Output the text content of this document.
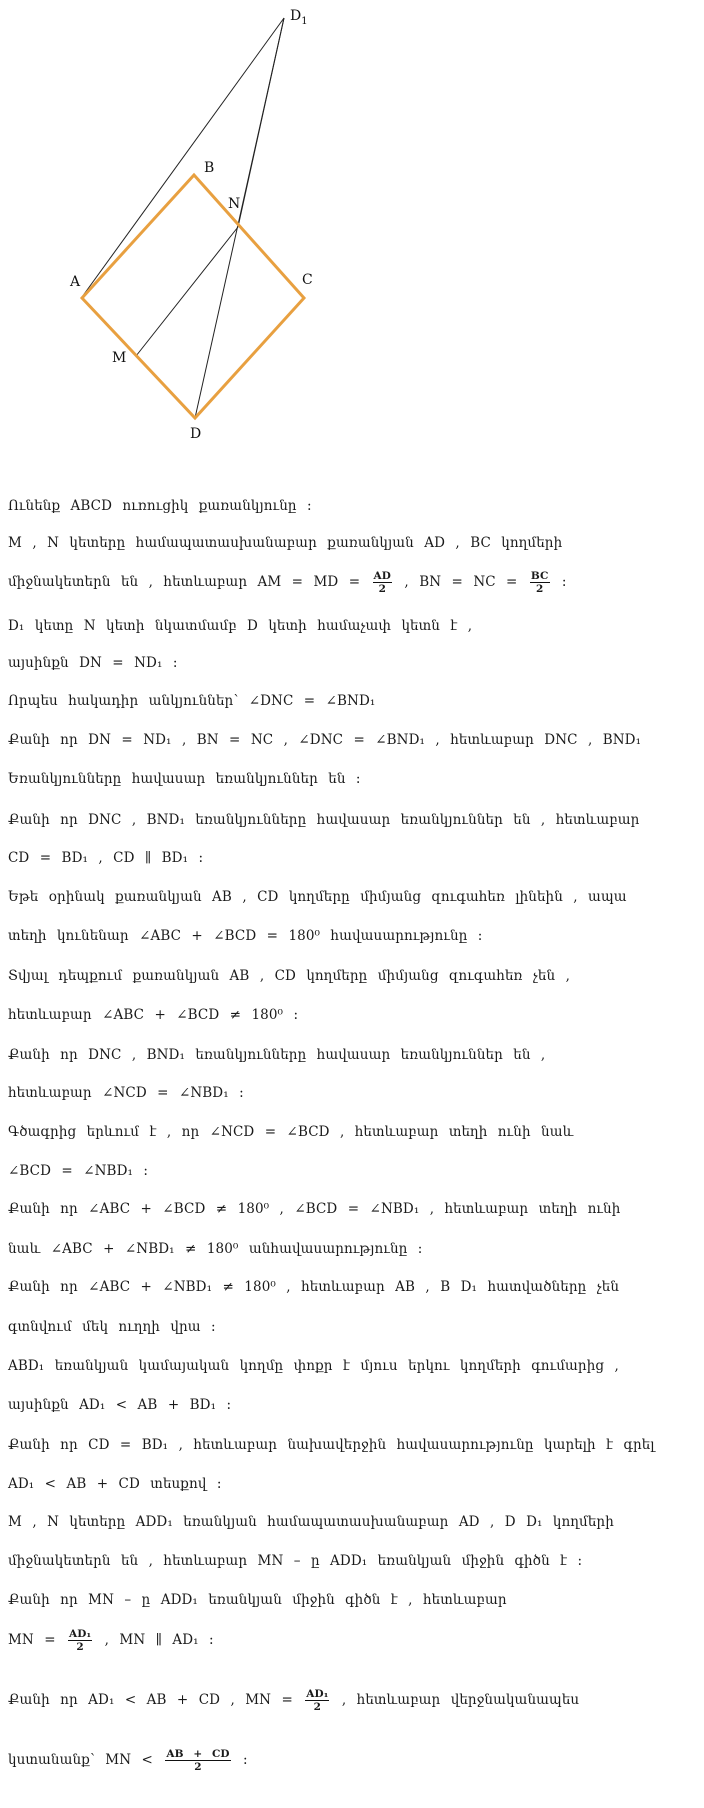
$D_1$
B
N
A	C
M
D
Ունենք ABCD ուռուցիկ քառանկյունը :
M , N կետերը համապատասխանաբար քառանկյան AD , BC կողմերի
միջնակետերն են , հետևաբար AM = MD = $\frac{AD}{2}$ , BN = NC = $\frac{BC}{2}$ :
D₁ կետը N կետի նկատմամբ D կետի համաչափ կետն է ,
այսինքն DN = ND₁ :
Որպես հակադիր անկյուններ՝ ∠DNC = ∠BND₁
Քանի որ DN = ND₁ , BN = NC , ∠DNC = ∠BND₁ , հետևաբար DNC , BND₁
Եռանկյունները հավասար եռանկյուններ են :
Քանի որ DNC , BND₁ եռանկյունները հավասար եռանկյուններ են , հետևաբար
CD = BD₁ , CD ∥ BD₁ :
Եթե օրինակ քառանկյան AB , CD կողմերը միմյանց զուգահեռ լինեին , ապա
տեղի կունենար ∠ABC + ∠BCD = 180⁰ հավասարությունը :
Տվյալ դեպքում քառանկյան AB , CD կողմերը միմյանց զուգահեռ չեն ,
հետևաբար ∠ABC + ∠BCD ≠ 180⁰ :
Քանի որ DNC , BND₁ եռանկյունները հավասար եռանկյուններ են ,
հետևաբար ∠NCD = ∠NBD₁ :
Գծագրից երևում է , որ ∠NCD = ∠BCD , հետևաբար տեղի ունի նաև
∠BCD = ∠NBD₁ :
Քանի որ ∠ABC + ∠BCD ≠ 180⁰ , ∠BCD = ∠NBD₁ , հետևաբար տեղի ունի
նաև ∠ABC + ∠NBD₁ ≠ 180⁰ անհավասարությունը :
Քանի որ ∠ABC + ∠NBD₁ ≠ 180⁰ , հետևաբար AB , B D₁ հատվածները չեն
գտնվում մեկ ուղղի վրա :
ABD₁ եռանկյան կամայական կողմը փոքր է մյուս երկու կողմերի գումարից ,
այսինքն AD₁ < AB + BD₁ :
Քանի որ CD = BD₁ , հետևաբար նախավերջին հավասարությունը կարելի է գրել
AD₁ < AB + CD տեսքով :
M , N կետերը ADD₁ եռանկյան համապատասխանաբար AD , D D₁ կողմերի
միջնակետերն են , հետևաբար MN – ը ADD₁ եռանկյան միջին գիծն է :
Քանի որ MN – ը ADD₁ եռանկյան միջին գիծն է , հետևաբար
MN = $\frac{\text{AD₁}}{2}$ , MN ∥ AD₁ :
Քանի որ AD₁ < AB + CD , MN = $\frac{\text{AD₁}}{2}$ , հետևաբար վերջնականապես
կստանանք՝ MN < $\frac{AB + CD}{2}$ :
